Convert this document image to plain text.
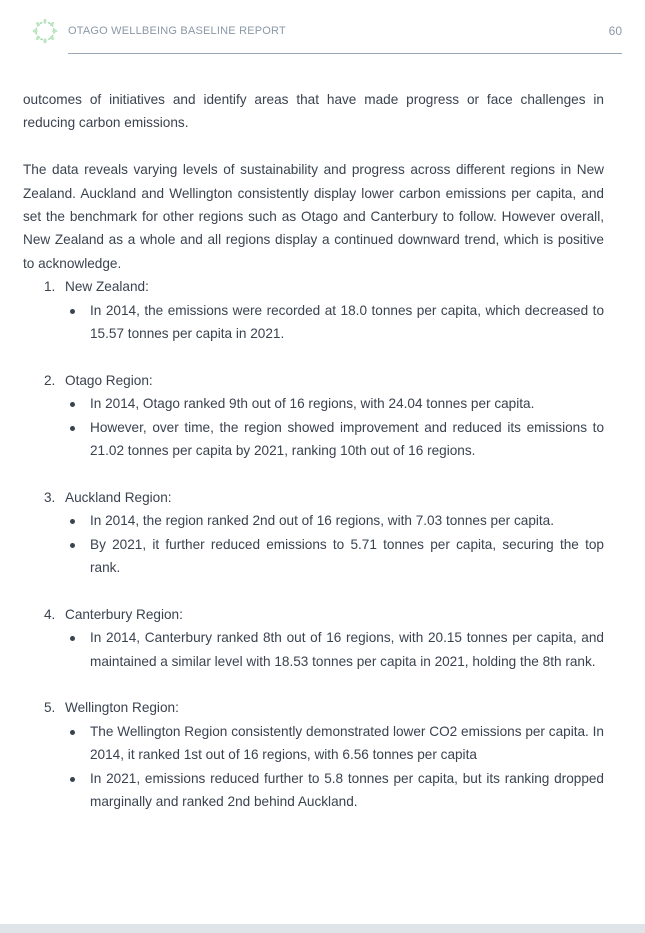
OTAGO WELLBEING BASELINE REPORT	60

outcomes of initiatives and identify areas that have made progress or face challenges in reducing carbon emissions.

The data reveals varying levels of sustainability and progress across different regions in New Zealand. Auckland and Wellington consistently display lower carbon emissions per capita, and set the benchmark for other regions such as Otago and Canterbury to follow. However overall, New Zealand as a whole and all regions display a continued downward trend, which is positive to acknowledge.

1. New Zealand:
In 2014, the emissions were recorded at 18.0 tonnes per capita, which decreased to 15.57 tonnes per capita in 2021.
2. Otago Region:
In 2014, Otago ranked 9th out of 16 regions, with 24.04 tonnes per capita.
However, over time, the region showed improvement and reduced its emissions to 21.02 tonnes per capita by 2021, ranking 10th out of 16 regions.
3. Auckland Region:
In 2014, the region ranked 2nd out of 16 regions, with 7.03 tonnes per capita.
By 2021, it further reduced emissions to 5.71 tonnes per capita, securing the top rank.
4. Canterbury Region:
In 2014, Canterbury ranked 8th out of 16 regions, with 20.15 tonnes per capita, and maintained a similar level with 18.53 tonnes per capita in 2021, holding the 8th rank.
5. Wellington Region:
The Wellington Region consistently demonstrated lower CO2 emissions per capita. In 2014, it ranked 1st out of 16 regions, with 6.56 tonnes per capita
In 2021, emissions reduced further to 5.8 tonnes per capita, but its ranking dropped marginally and ranked 2nd behind Auckland.
